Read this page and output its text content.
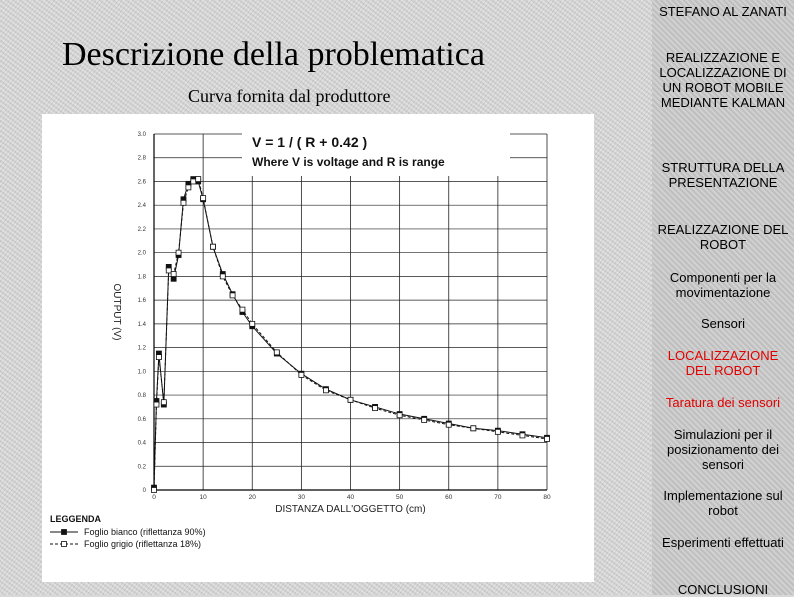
Descrizione della problematica
Curva fornita dal produttore
0
0.2
0.4
0.6
0.8
1.0
1.2
1.4
1.6
1.8
2.0
2.2
2.4
2.6
2.8
3.0
0	10	20	30	40	50	60	70	80
V = 1 / ( R + 0.42 )
Where V is voltage and R is range
DISTANZA DALL'OGGETTO (cm)
OUTPUT (V)
LEGGENDA
Foglio bianco (riflettanza 90%)
Foglio grigio (riflettanza 18%)
STEFANO AL ZANATI
REALIZZAZIONE E LOCALIZZAZIONE DI UN ROBOT MOBILE MEDIANTE KALMAN
STRUTTURA DELLA PRESENTAZIONE
REALIZZAZIONE DEL ROBOT
Componenti per la movimentazione
Sensori
LOCALIZZAZIONE DEL ROBOT
Taratura dei sensori
Simulazioni per il posizionamento dei sensori
Implementazione sul robot
Esperimenti effettuati
CONCLUSIONI
